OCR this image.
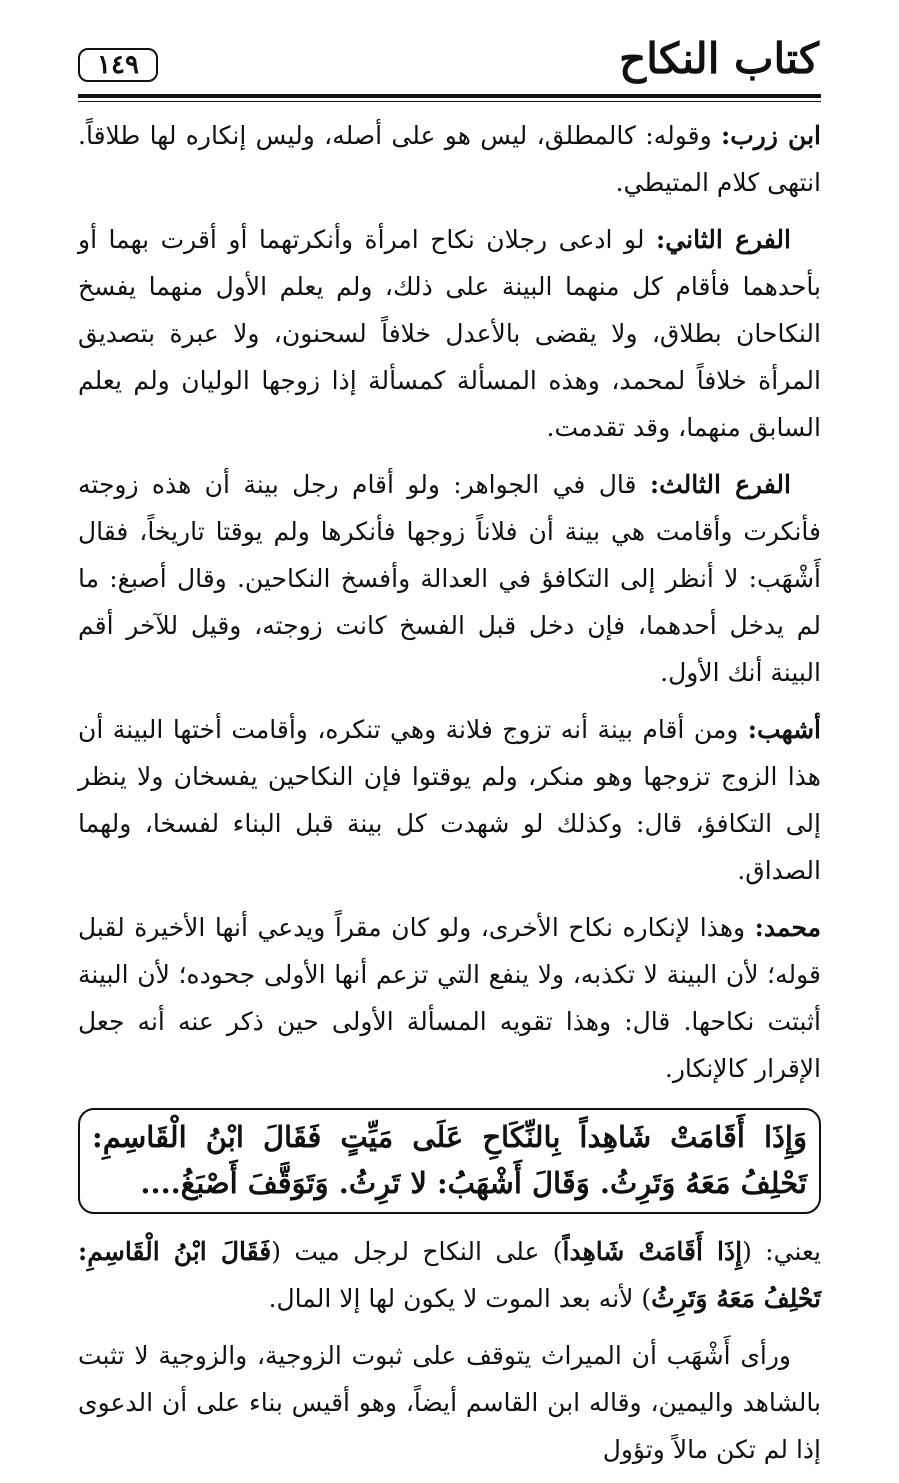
كتاب النكاح
١٤٩

ابن زرب: وقوله: كالمطلق، ليس هو على أصله، وليس إنكاره لها طلاقاً. انتهى كلام المتيطي.

الفرع الثاني: لو ادعى رجلان نكاح امرأة وأنكرتهما أو أقرت بهما أو بأحدهما فأقام كل منهما البينة على ذلك، ولم يعلم الأول منهما يفسخ النكاحان بطلاق، ولا يقضى بالأعدل خلافاً لسحنون، ولا عبرة بتصديق المرأة خلافاً لمحمد، وهذه المسألة كمسألة إذا زوجها الوليان ولم يعلم السابق منهما، وقد تقدمت.

الفرع الثالث: قال في الجواهر: ولو أقام رجل بينة أن هذه زوجته فأنكرت وأقامت هي بينة أن فلاناً زوجها فأنكرها ولم يوقتا تاريخاً، فقال أَشْهَب: لا أنظر إلى التكافؤ في العدالة وأفسخ النكاحين. وقال أصبغ: ما لم يدخل أحدهما، فإن دخل قبل الفسخ كانت زوجته، وقيل للآخر أقم البينة أنك الأول.

أشهب: ومن أقام بينة أنه تزوج فلانة وهي تنكره، وأقامت أختها البينة أن هذا الزوج تزوجها وهو منكر، ولم يوقتوا فإن النكاحين يفسخان ولا ينظر إلى التكافؤ، قال: وكذلك لو شهدت كل بينة قبل البناء لفسخا، ولهما الصداق.

محمد: وهذا لإنكاره نكاح الأخرى، ولو كان مقراً ويدعي أنها الأخيرة لقبل قوله؛ لأن البينة لا تكذبه، ولا ينفع التي تزعم أنها الأولى جحوده؛ لأن البينة أثبتت نكاحها. قال: وهذا تقويه المسألة الأولى حين ذكر عنه أنه جعل الإقرار كالإنكار.

وَإِذَا أَقَامَتْ شَاهِداً بِالنِّكَاحِ عَلَى مَيِّتٍ فَقَالَ ابْنُ الْقَاسِمِ: تَحْلِفُ مَعَهُ وَتَرِثُ. وَقَالَ أَشْهَبُ: لا تَرِثُ. وَتَوَقَّفَ أَصْبَغُ....

يعني: (إِذَا أَقَامَتْ شَاهِداً) على النكاح لرجل ميت (فَقَالَ ابْنُ الْقَاسِمِ: تَحْلِفُ مَعَهُ وَتَرِثُ) لأنه بعد الموت لا يكون لها إلا المال.

ورأى أَشْهَب أن الميراث يتوقف على ثبوت الزوجية، والزوجية لا تثبت بالشاهد واليمين، وقاله ابن القاسم أيضاً، وهو أقيس بناء على أن الدعوى إذا لم تكن مالاً وتؤول
